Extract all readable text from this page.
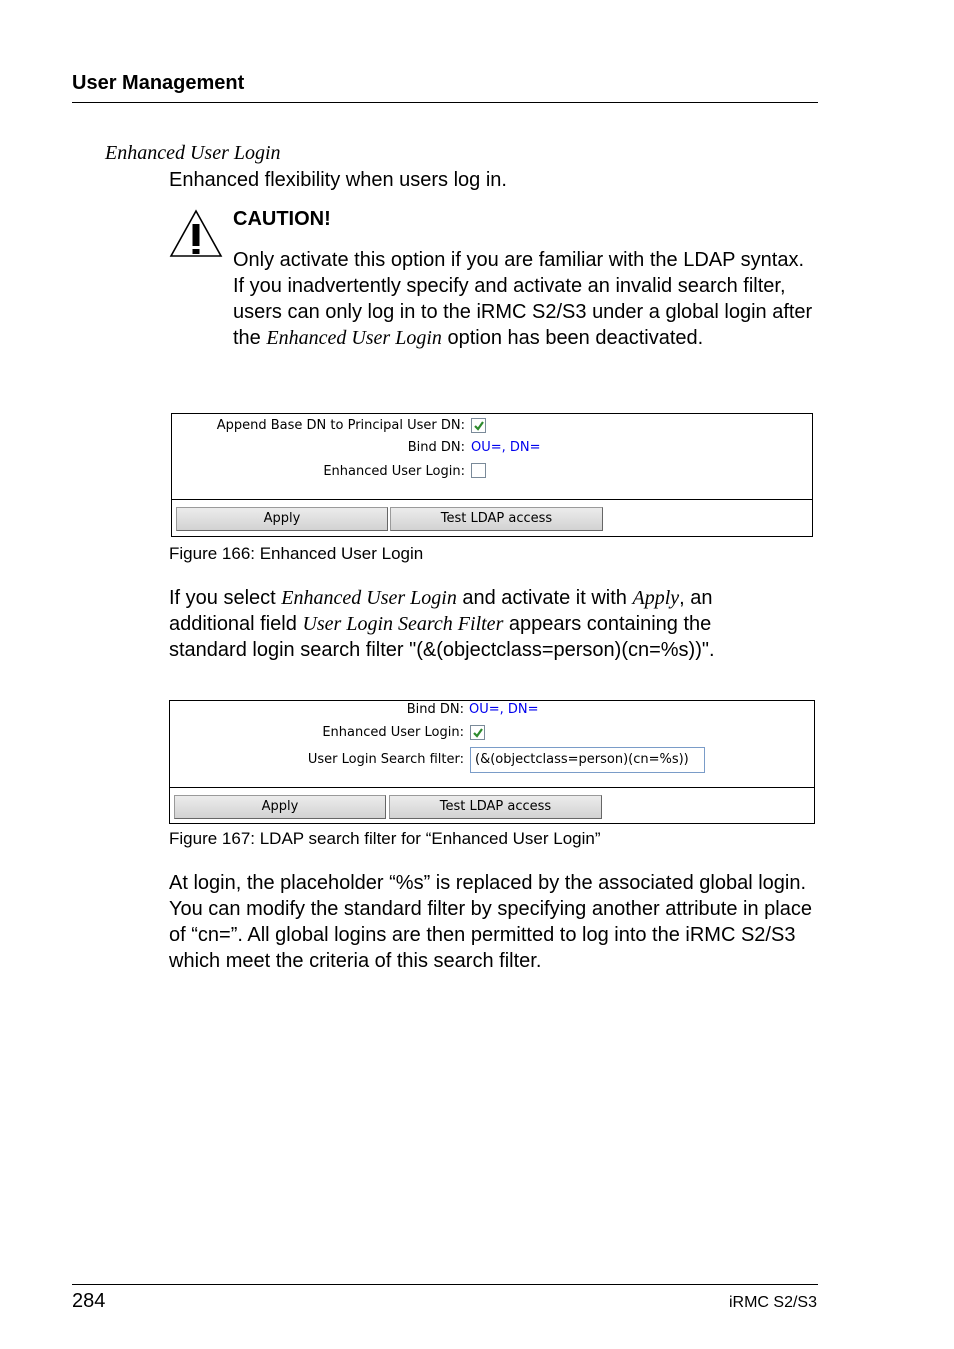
User Management
Enhanced User Login
Enhanced flexibility when users log in.
CAUTION!
Only activate this option if you are familiar with the LDAP syntax. If you inadvertently specify and activate an invalid search filter, users can only log in to the iRMC S2/S3 under a global login after the Enhanced User Login option has been deactivated.
Append Base DN to Principal User DN:
Bind DN: OU=, DN=
Enhanced User Login:
Apply	Test LDAP access
Figure 166: Enhanced User Login
If you select Enhanced User Login and activate it with Apply, an additional field User Login Search Filter appears containing the standard login search filter "(&(objectclass=person)(cn=%s))".
Bind DN: OU=, DN=
Enhanced User Login:
User Login Search filter: (&(objectclass=person)(cn=%s))
Apply	Test LDAP access
Figure 167: LDAP search filter for “Enhanced User Login”
At login, the placeholder “%s” is replaced by the associated global login. You can modify the standard filter by specifying another attribute in place of “cn=”. All global logins are then permitted to log into the iRMC S2/S3 which meet the criteria of this search filter.
284	iRMC S2/S3
